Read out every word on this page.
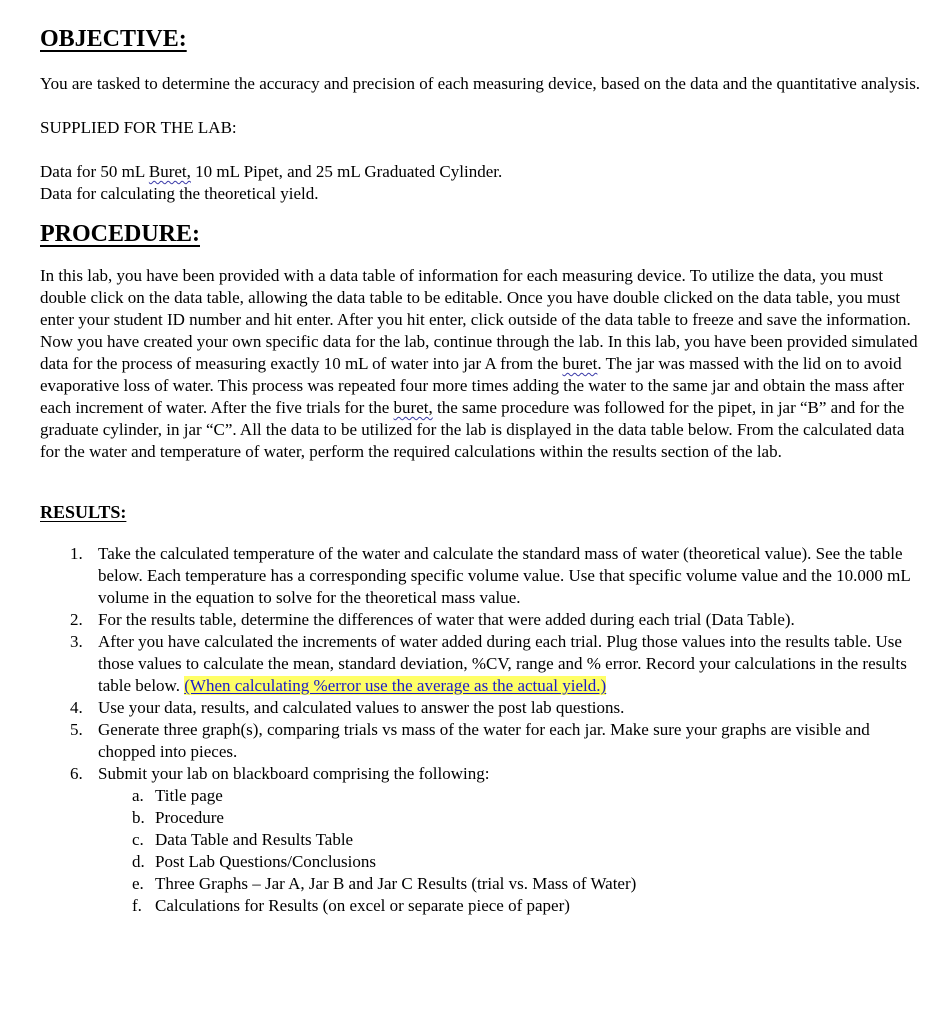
OBJECTIVE:

You are tasked to determine the accuracy and precision of each measuring device, based on the data and the quantitative analysis.

SUPPLIED FOR THE LAB:

Data for 50 mL Buret, 10 mL Pipet, and 25 mL Graduated Cylinder.

Data for calculating the theoretical yield.

PROCEDURE:

In this lab, you have been provided with a data table of information for each measuring device. To utilize the data, you must double click on the data table, allowing the data table to be editable. Once you have double clicked on the data table, you must enter your student ID number and hit enter. After you hit enter, click outside of the data table to freeze and save the information. Now you have created your own specific data for the lab, continue through the lab. In this lab, you have been provided simulated data for the process of measuring exactly 10 mL of water into jar A from the buret. The jar was massed with the lid on to avoid evaporative loss of water. This process was repeated four more times adding the water to the same jar and obtain the mass after each increment of water. After the five trials for the buret, the same procedure was followed for the pipet, in jar “B” and for the graduate cylinder, in jar “C”. All the data to be utilized for the lab is displayed in the data table below. From the calculated data for the water and temperature of water, perform the required calculations within the results section of the lab.

RESULTS:
1. Take the calculated temperature of the water and calculate the standard mass of water (theoretical value). See the table below. Each temperature has a corresponding specific volume value. Use that specific volume value and the 10.000 mL volume in the equation to solve for the theoretical mass value.
2. For the results table, determine the differences of water that were added during each trial (Data Table).
3. After you have calculated the increments of water added during each trial. Plug those values into the results table. Use those values to calculate the mean, standard deviation, %CV, range and % error. Record your calculations in the results table below. (When calculating %error use the average as the actual yield.)
4. Use your data, results, and calculated values to answer the post lab questions.
5. Generate three graph(s), comparing trials vs mass of the water for each jar. Make sure your graphs are visible and chopped into pieces.
6. Submit your lab on blackboard comprising the following:
a. Title page
b. Procedure
c. Data Table and Results Table
d. Post Lab Questions/Conclusions
e. Three Graphs – Jar A, Jar B and Jar C Results (trial vs. Mass of Water)
f. Calculations for Results (on excel or separate piece of paper)
